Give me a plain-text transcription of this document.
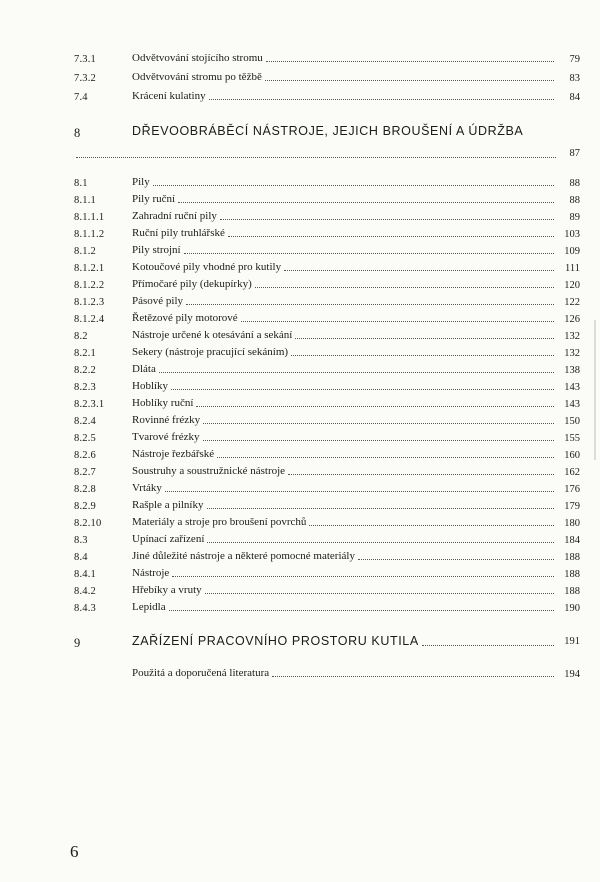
7.3.1	Odvětvování stojícího stromu	79
7.3.2	Odvětvování stromu po těžbě	83
7.4	Krácení kulatiny	84
8	DŘEVOOBRÁBĚCÍ NÁSTROJE, JEJICH BROUŠENÍ A ÚDRŽBA
87
8.1	Pily	88
8.1.1	Pily ruční	88
8.1.1.1	Zahradní ruční pily	89
8.1.1.2	Ruční pily truhlářské	103
8.1.2	Pily strojní	109
8.1.2.1	Kotoučové pily vhodné pro kutily	111
8.1.2.2	Přímočaré pily (dekupírky)	120
8.1.2.3	Pásové pily	122
8.1.2.4	Řetězové pily motorové	126
8.2	Nástroje určené k otesávání a sekání	132
8.2.1	Sekery (nástroje pracující sekáním)	132
8.2.2	Dláta	138
8.2.3	Hoblíky	143
8.2.3.1	Hoblíky ruční	143
8.2.4	Rovinné frézky	150
8.2.5	Tvarové frézky	155
8.2.6	Nástroje řezbářské	160
8.2.7	Soustruhy a soustružnické nástroje	162
8.2.8	Vrtáky	176
8.2.9	Rašple a pilníky	179
8.2.10	Materiály a stroje pro broušení povrchů	180
8.3	Upínací zařízení	184
8.4	Jiné důležité nástroje a některé pomocné materiály	188
8.4.1	Nástroje	188
8.4.2	Hřebíky a vruty	188
8.4.3	Lepidla	190
9	ZAŘÍZENÍ PRACOVNÍHO PROSTORU KUTILA	191
Použitá a doporučená literatura	194
6
